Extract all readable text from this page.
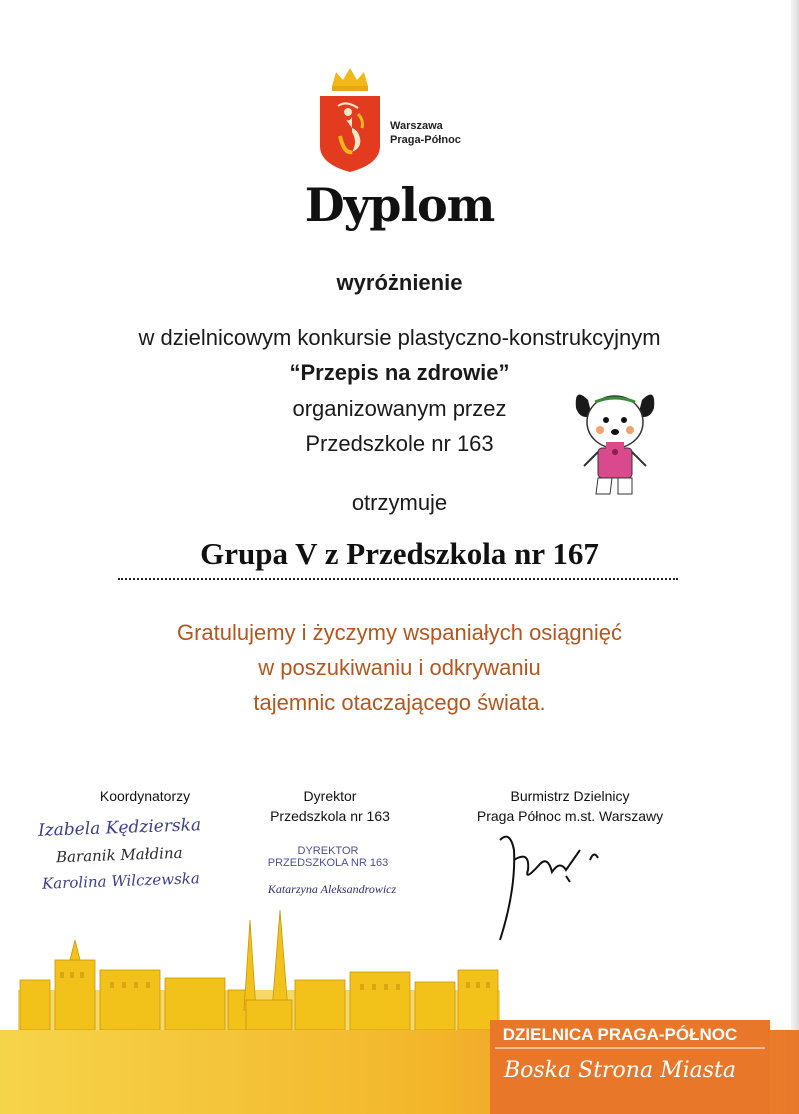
Warszawa
Praga-Północ
Dyplom
wyróżnienie
w dzielnicowym konkursie plastyczno-konstrukcyjnym
“Przepis na zdrowie”
organizowanym przez
Przedszkole nr 163
otrzymuje
Grupa V z Przedszkola nr 167
Gratulujemy i życzymy wspaniałych osiągnięć
w poszukiwaniu i odkrywaniu
tajemnic otaczającego świata.
Koordynatorzy	Dyrektor
Przedszkola nr 163
Burmistrz Dzielnicy
Praga Północ m.st. Warszawy
Izabela Kędzierska
Baranik Małdina
Karolina Wilczewska
DYREKTOR
PRZEDSZKOLA NR 163
Katarzyna Aleksandrowicz
DZIELNICA PRAGA-PÓŁNOC
Boska Strona Miasta
